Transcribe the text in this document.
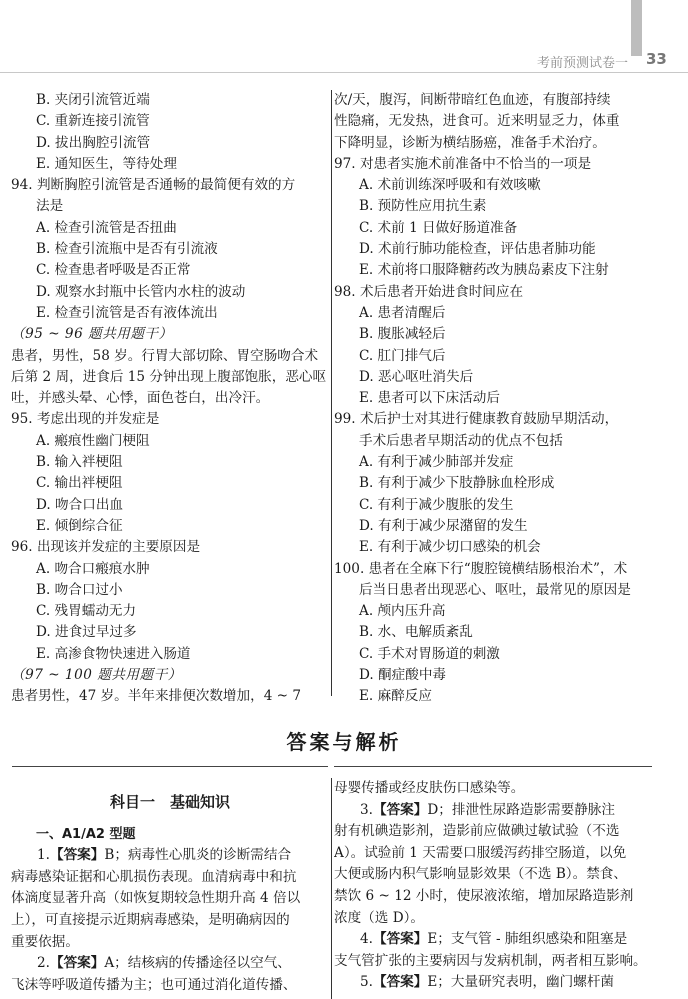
考前预测试卷一 33
B. 夹闭引流管近端
C. 重新连接引流管
D. 拔出胸腔引流管
E. 通知医生，等待处理
94. 判断胸腔引流管是否通畅的最简便有效的方
法是
A. 检查引流管是否扭曲
B. 检查引流瓶中是否有引流液
C. 检查患者呼吸是否正常
D. 观察水封瓶中长管内水柱的波动
E. 检查引流管是否有液体流出
（95 ~ 96 题共用题干）
患者，男性，58 岁。行胃大部切除、胃空肠吻合术
后第 2 周，进食后 15 分钟出现上腹部饱胀，恶心呕
吐，并感头晕、心悸，面色苍白，出冷汗。
95. 考虑出现的并发症是
A. 瘢痕性幽门梗阻
B. 输入袢梗阻
C. 输出袢梗阻
D. 吻合口出血
E. 倾倒综合征
96. 出现该并发症的主要原因是
A. 吻合口瘢痕水肿
B. 吻合口过小
C. 残胃蠕动无力
D. 进食过早过多
E. 高渗食物快速进入肠道
（97 ~ 100 题共用题干）
患者男性，47 岁。半年来排便次数增加，4 ~ 7
次/天，腹泻，间断带暗红色血迹，有腹部持续
性隐痛，无发热，进食可。近来明显乏力，体重
下降明显，诊断为横结肠癌，准备手术治疗。
97. 对患者实施术前准备中不恰当的一项是
A. 术前训练深呼吸和有效咳嗽
B. 预防性应用抗生素
C. 术前 1 日做好肠道准备
D. 术前行肺功能检查，评估患者肺功能
E. 术前将口服降糖药改为胰岛素皮下注射
98. 术后患者开始进食时间应在
A. 患者清醒后
B. 腹胀减轻后
C. 肛门排气后
D. 恶心呕吐消失后
E. 患者可以下床活动后
99. 术后护士对其进行健康教育鼓励早期活动，
手术后患者早期活动的优点不包括
A. 有利于减少肺部并发症
B. 有利于减少下肢静脉血栓形成
C. 有利于减少腹胀的发生
D. 有利于减少尿潴留的发生
E. 有利于减少切口感染的机会
100. 患者在全麻下行“腹腔镜横结肠根治术”，术
后当日患者出现恶心、呕吐，最常见的原因是
A. 颅内压升高
B. 水、电解质紊乱
C. 手术对胃肠道的刺激
D. 酮症酸中毒
E. 麻醉反应
答案与解析
科目一　基础知识
一、A1/A2 型题
1.【答案】B；病毒性心肌炎的诊断需结合
病毒感染证据和心肌损伤表现。血清病毒中和抗
体滴度显著升高（如恢复期较急性期升高 4 倍以
上），可直接提示近期病毒感染，是明确病因的
重要依据。
2.【答案】A；结核病的传播途径以空气、
飞沫等呼吸道传播为主；也可通过消化道传播、
母婴传播或经皮肤伤口感染等。
3.【答案】D；排泄性尿路造影需要静脉注
射有机碘造影剂，造影前应做碘过敏试验（不选
A）。试验前 1 天需要口服缓泻药排空肠道，以免
大便或肠内积气影响显影效果（不选 B）。禁食、
禁饮 6 ~ 12 小时，使尿液浓缩，增加尿路造影剂
浓度（选 D）。
4.【答案】E；支气管 - 肺组织感染和阻塞是
支气管扩张的主要病因与发病机制，两者相互影响。
5.【答案】E；大量研究表明，幽门螺杆菌
